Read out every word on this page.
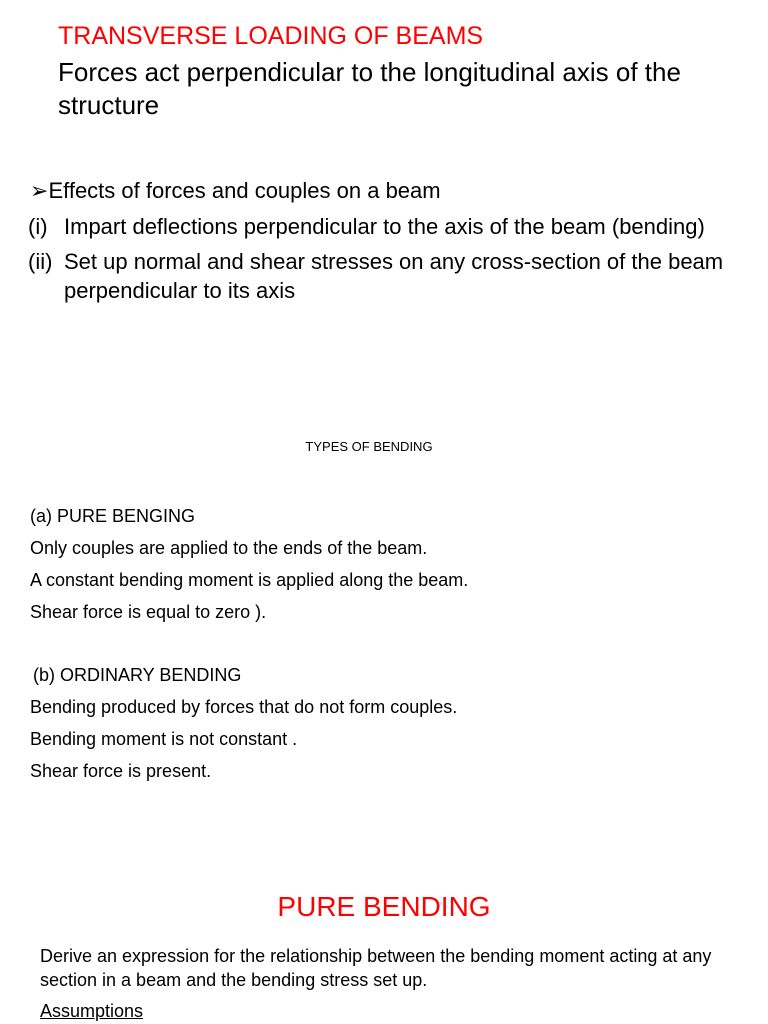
TRANSVERSE LOADING OF BEAMS
Forces act perpendicular to the longitudinal axis of the structure
➢Effects of forces and couples on a beam
(i) Impart deflections perpendicular to the axis of the beam (bending)
(ii) Set up normal and shear stresses on any cross-section of the beam perpendicular to its axis
TYPES OF BENDING
(a) PURE BENGING
Only couples are applied to the ends of the beam.
A constant bending moment is applied along the beam.
Shear force is equal to zero ).
(b) ORDINARY BENDING
Bending produced by forces that do not form couples.
Bending moment is not constant .
Shear force is present.
PURE BENDING
Derive an expression for the relationship between the bending moment acting at any section in a beam and the bending stress set up.
Assumptions
